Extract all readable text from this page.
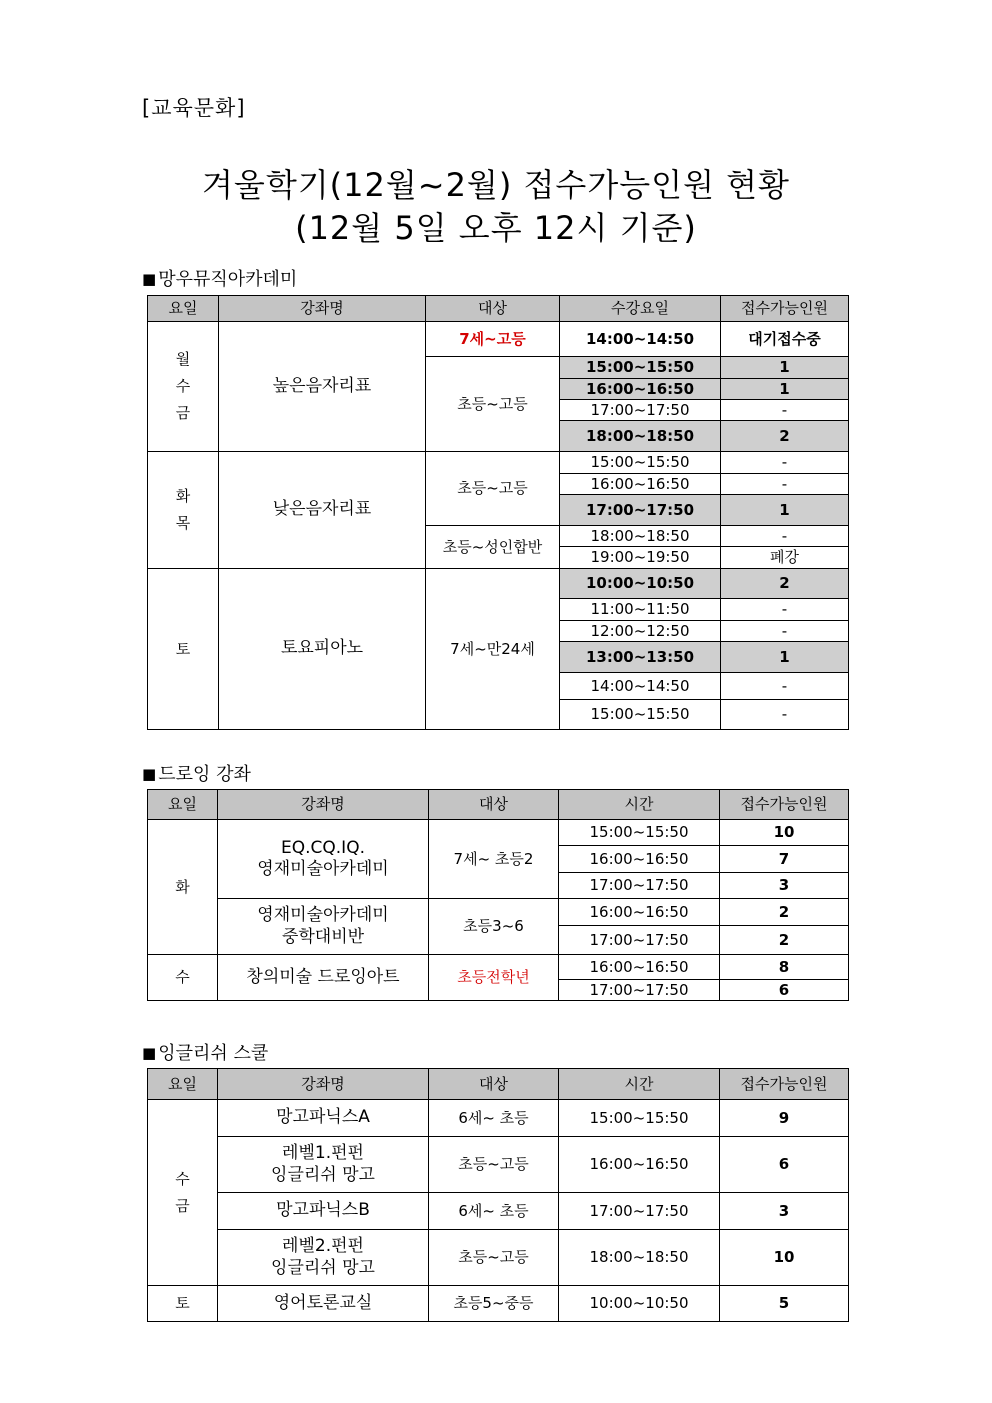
[교육문화]
겨울학기(12월~2월) 접수가능인원 현황
(12월 5일 오후 12시 기준)
■ 망우뮤직아카데미
요일	강좌명	대상	수강요일	접수가능인원

월
수
금	높은음자리표	7세~고등	14:00~14:50	대기접수중
		초등~고등	15:00~15:50	1
			16:00~16:50	1
			17:00~17:50	-
			18:00~18:50	2

화
목	낮은음자리표	초등~고등	15:00~15:50	-
			16:00~16:50	-
			17:00~17:50	1
		초등~성인합반	18:00~18:50	-
			19:00~19:50	폐강
토	토요피아노	7세~만24세	10:00~10:50	2
			11:00~11:50	-
			12:00~12:50	-
			13:00~13:50	1
			14:00~14:50	-
			15:00~15:50	-
■ 드로잉 강좌
요일	강좌명	대상	시간	접수가능인원
화	EQ.CQ.IQ.
영재미술아카데미	7세~ 초등2	15:00~15:50	10
			16:00~16:50	7
			17:00~17:50	3

	영재미술아카데미
중학대비반	초등3~6	16:00~16:50	2
			17:00~17:50	2
수	창의미술 드로잉아트	초등전학년	16:00~16:50	8
			17:00~17:50	6
■ 잉글리쉬 스쿨
요일	강좌명	대상	시간	접수가능인원

수
금	망고파닉스A	6세~ 초등	15:00~15:50	9

	레벨1.펀펀
잉글리쉬 망고	초등~고등	16:00~16:50	6
	망고파닉스B	6세~ 초등	17:00~17:50	3

	레벨2.펀펀
잉글리쉬 망고	초등~고등	18:00~18:50	10
토	영어토론교실	초등5~중등	10:00~10:50	5
